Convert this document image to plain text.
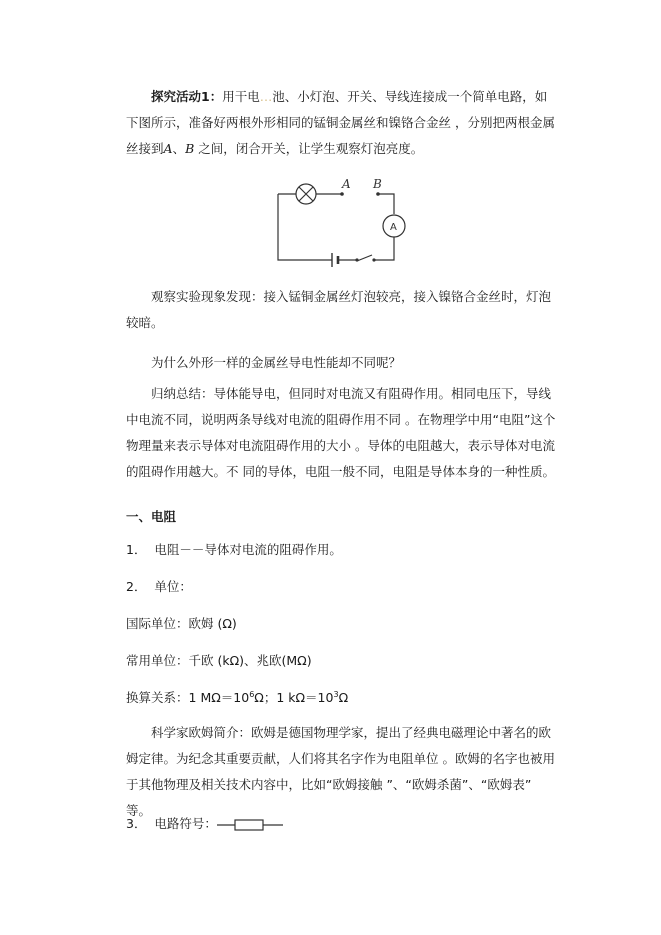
探究活动1：用干电…池、小灯泡、开关、导线连接成一个简单电路，如下图所示，准备好两根外形相同的锰铜金属丝和镍铬合金丝 ，分别把两根金属丝接到A、B 之间，闭合开关，让学生观察灯泡亮度。

A B
A

观察实验现象发现：接入锰铜金属丝灯泡较亮，接入镍铬合金丝时，灯泡较暗。

为什么外形一样的金属丝导电性能却不同呢？

归纳总结：导体能导电，但同时对电流又有阻碍作用。相同电压下，导线中电流不同，说明两条导线对电流的阻碍作用不同 。在物理学中用“电阻”这个物理量来表示导体对电流阻碍作用的大小 。导体的电阻越大，表示导体对电流的阻碍作用越大。不 同的导体，电阻一般不同，电阻是导体本身的一种性质。

一、电阻

1． 电阻－－导体对电流的阻碍作用。

2． 单位：

国际单位：欧姆 (Ω)

常用单位：千欧 (kΩ)、兆欧(MΩ)

换算关系：1 $M\Omega=10^6\Omega$；1 $k\Omega=10^3\Omega$

科学家欧姆简介：欧姆是德国物理学家，提出了经典电磁理论中著名的欧姆定律。为纪念其重要贡献，人们将其名字作为电阻单位 。欧姆的名字也被用于其他物理及相关技术内容中，比如“欧姆接触 ”、“欧姆杀菌”、“欧姆表” 等。

3． 电路符号：
